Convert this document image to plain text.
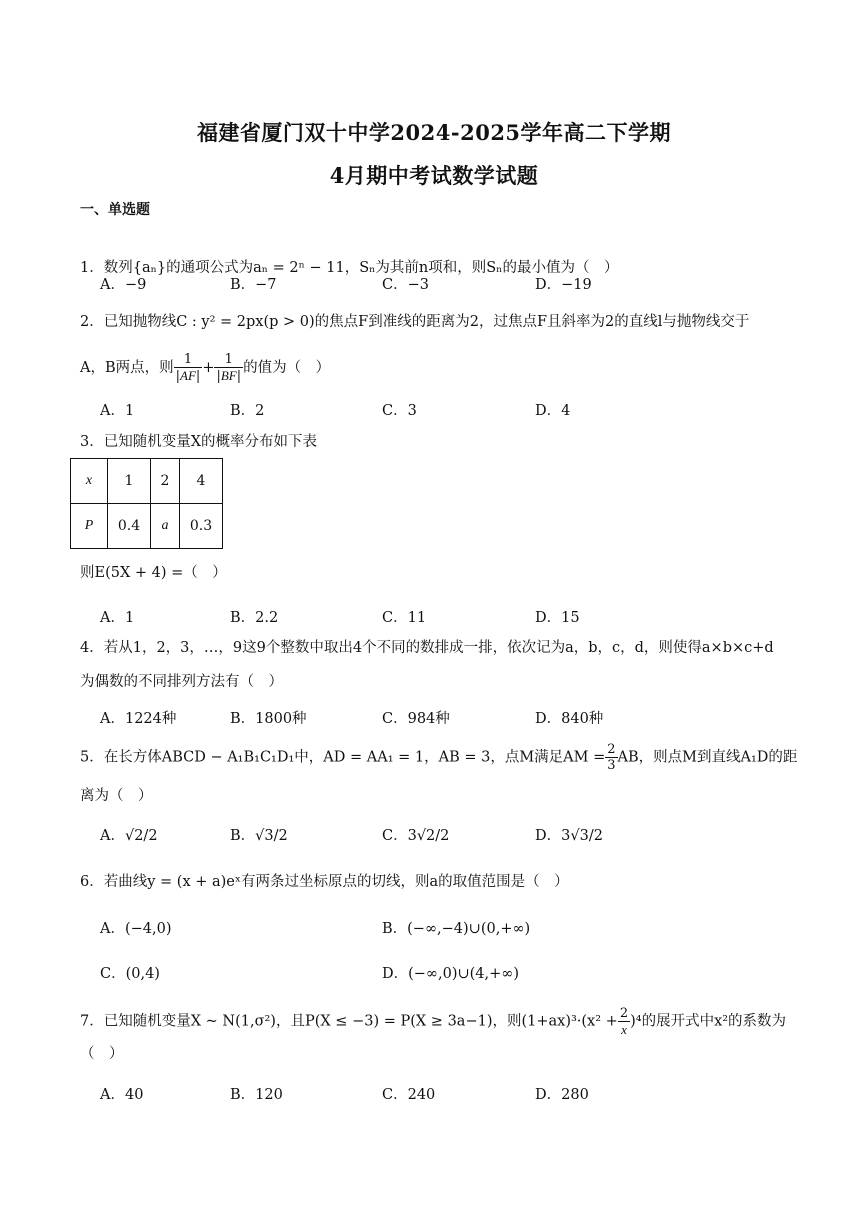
福建省厦门双十中学2024-2025学年高二下学期
4月期中考试数学试题
一、单选题
1．数列{aₙ}的通项公式为aₙ = 2ⁿ − 11，Sₙ为其前n项和，则Sₙ的最小值为（　）
A．−9	B．−7	C．−3	D．−19
2．已知抛物线C : y² = 2px(p > 0)的焦点F到准线的距离为2，过焦点F且斜率为2的直线l与抛物线交于
A，B两点，则 $\frac{1}{|AF|} + \frac{1}{|BF|}$ 的值为（　）
A．1	B．2	C．3	D．4
3．已知随机变量X的概率分布如下表
x	1	2	4
P	0.4	a	0.3
则E(5X + 4) =（　）
A．1	B．2.2	C．11	D．15
4．若从1，2，3，…，9这9个整数中取出4个不同的数排成一排，依次记为a，b，c，d，则使得a×b×c+d
为偶数的不同排列方法有（　）
A．1224种	B．1800种	C．984种	D．840种
5．在长方体ABCD − A₁B₁C₁D₁中，AD = AA₁ = 1，AB = 3，点M满足AM = $\frac{2}{3}$ AB，则点M到直线A₁D的距
离为（　）
A．√2/2	B．√3/2	C．3√2/2	D．3√3/2
6．若曲线y = (x + a)eˣ有两条过坐标原点的切线，则a的取值范围是（　）
A．(−4,0)	B．(−∞,−4)∪(0,+∞)
C．(0,4)	D．(−∞,0)∪(4,+∞)
7．已知随机变量X ~ N(1,σ²)，且P(X ≤ −3) = P(X ≥ 3a−1)，则$(1+ax)^3\cdot(x^2 + \frac{2}{x} )^4$的展开式中x²的系数为
（　）
A．40	B．120	C．240	D．280
